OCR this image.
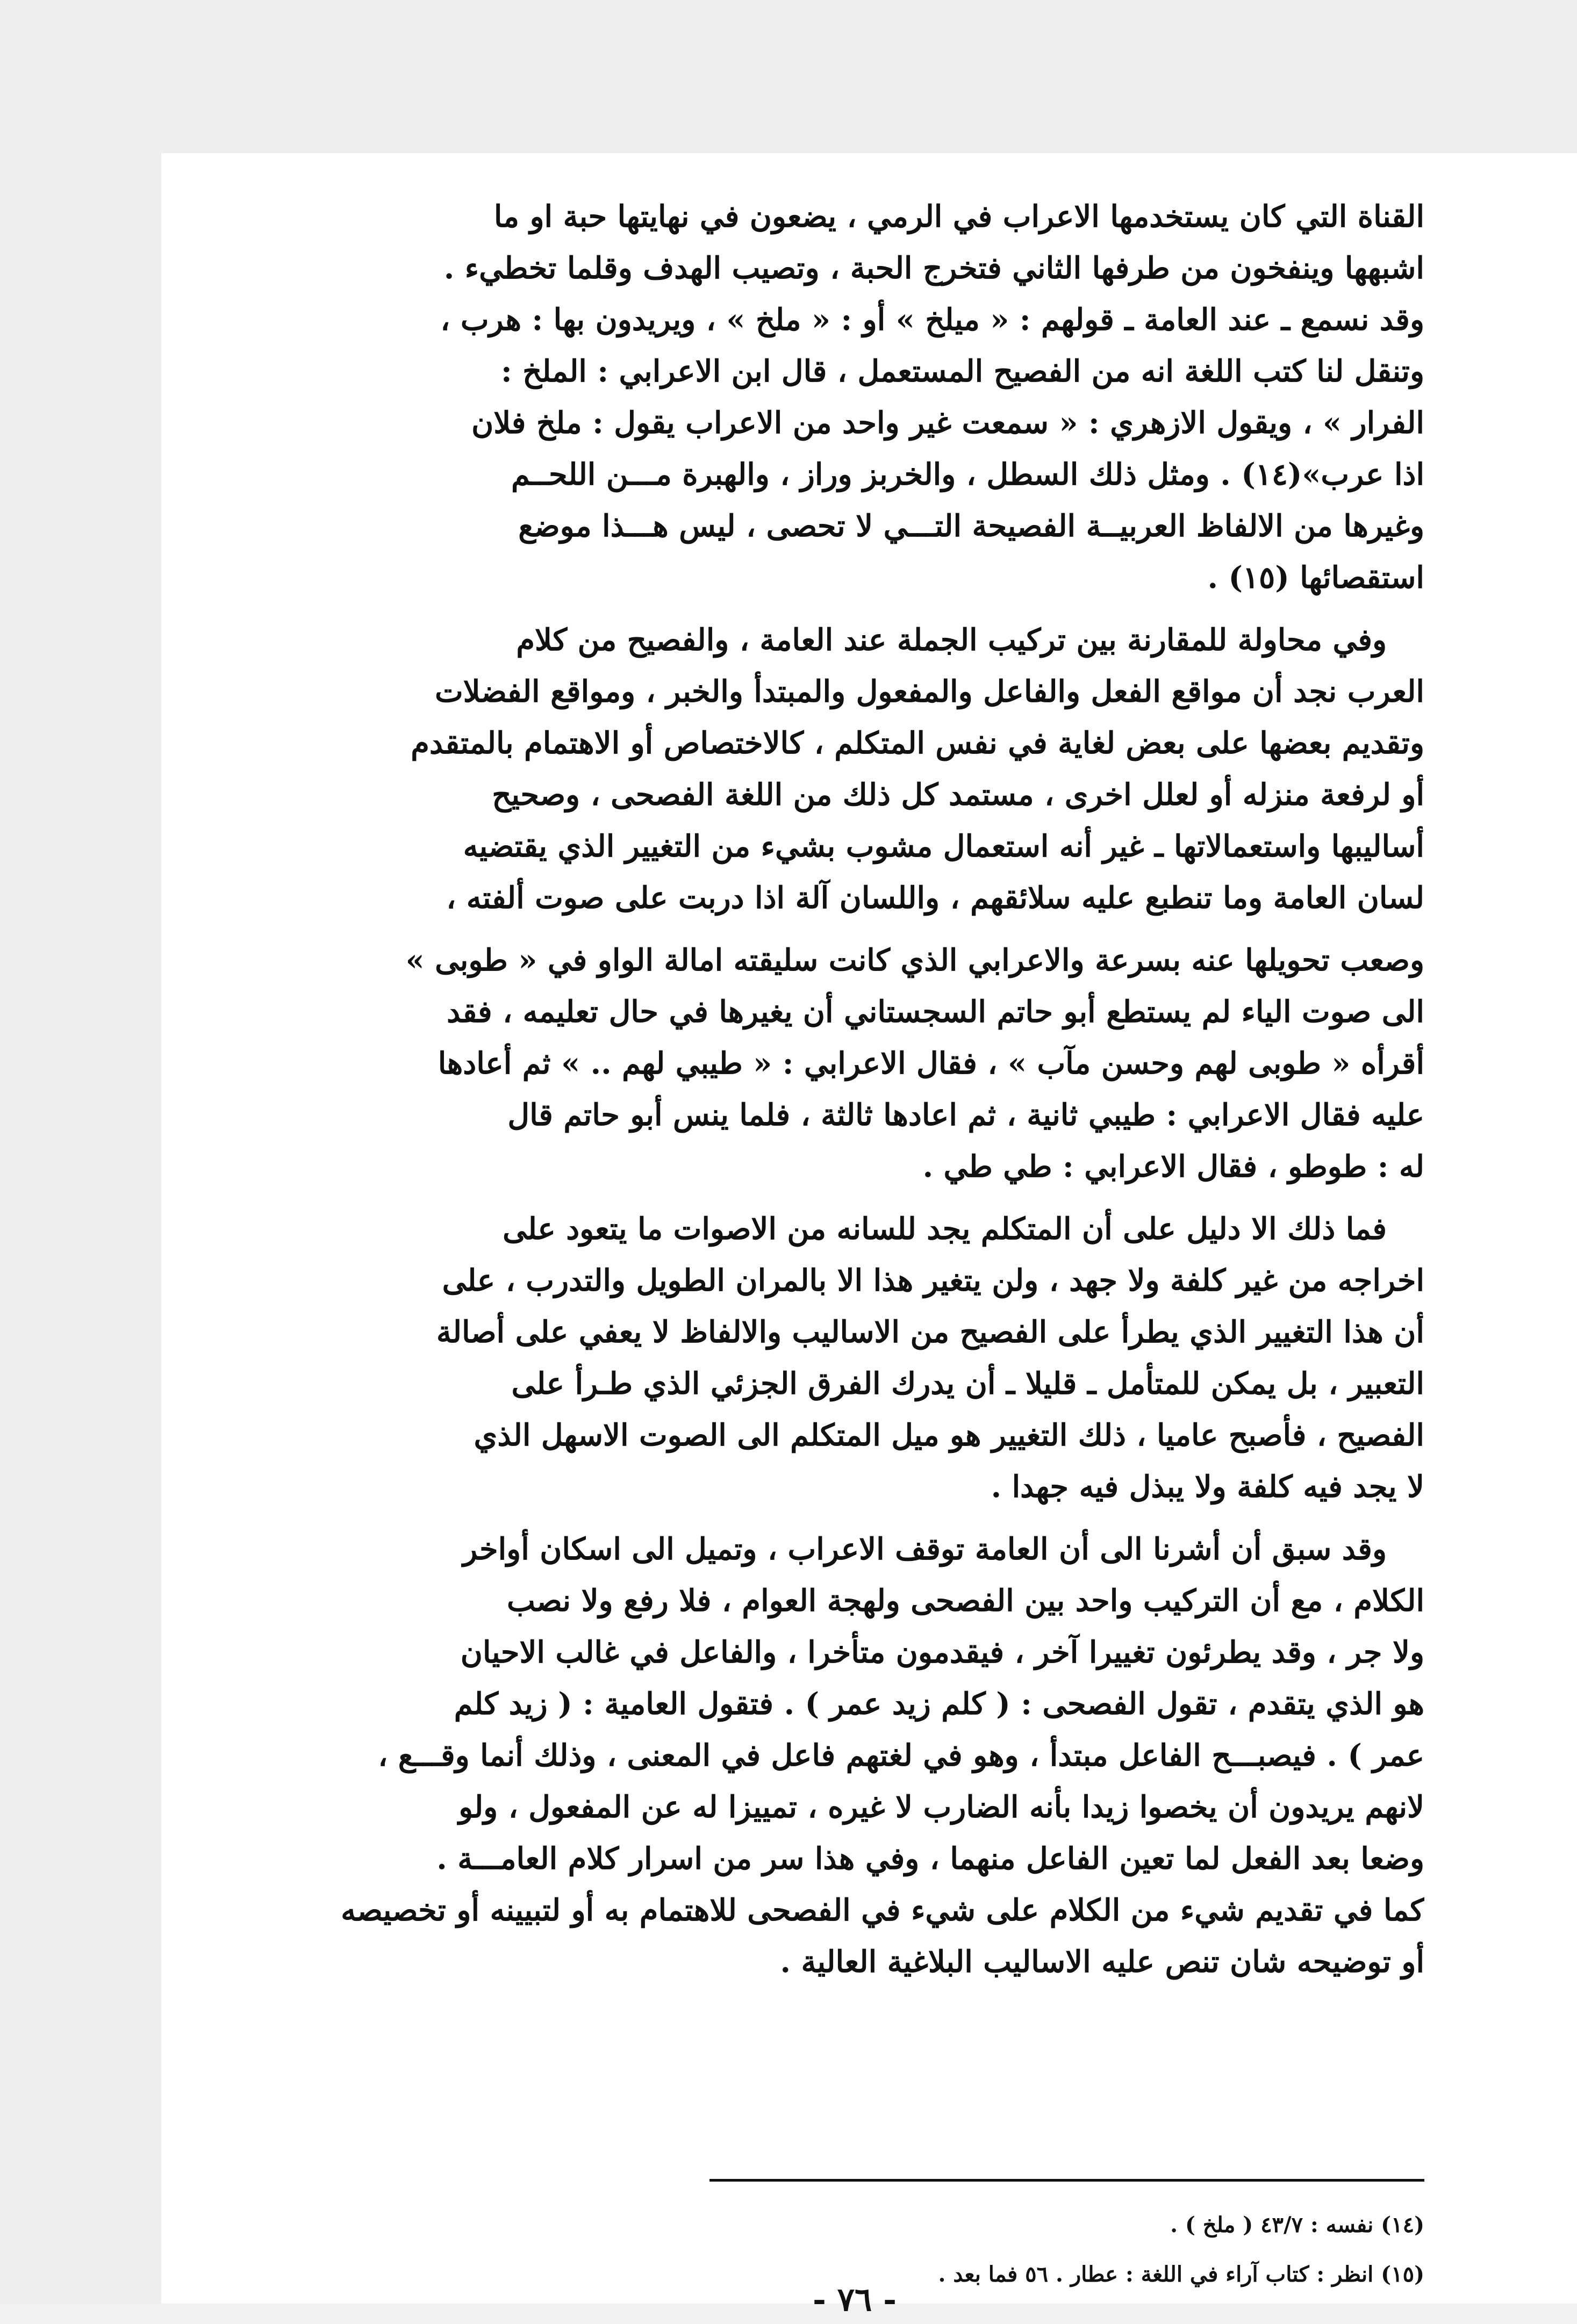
القناة التي كان يستخدمها الاعراب في الرمي ، يضعون في نهايتها حبة او ما
اشبهها وينفخون من طرفها الثاني فتخرج الحبة ، وتصيب الهدف وقلما تخطيء .
وقد نسمع ـ عند العامة ـ قولهم : « ميلخ » أو : « ملخ » ، ويريدون بها : هرب ،
وتنقل لنا كتب اللغة انه من الفصيح المستعمل ، قال ابن الاعرابي : الملخ :
الفرار » ، ويقول الازهري : « سمعت غير واحد من الاعراب يقول : ملخ فلان
اذا عرب»(١٤) . ومثل ذلك السطل ، والخربز وراز ، والهبرة مـــن اللحــم
وغيرها من الالفاظ العربيــة الفصيحة التـــي لا تحصى ، ليس هـــذا موضع
استقصائها (١٥) .
وفي محاولة للمقارنة بين تركيب الجملة عند العامة ، والفصيح من كلام
العرب نجد أن مواقع الفعل والفاعل والمفعول والمبتدأ والخبر ، ومواقع الفضلات
وتقديم بعضها على بعض لغاية في نفس المتكلم ، كالاختصاص أو الاهتمام بالمتقدم
أو لرفعة منزله أو لعلل اخرى ، مستمد كل ذلك من اللغة الفصحى ، وصحيح
أساليبها واستعمالاتها ـ غير أنه استعمال مشوب بشيء من التغيير الذي يقتضيه
لسان العامة وما تنطبع عليه سلائقهم ، واللسان آلة اذا دربت على صوت ألفته ،
وصعب تحويلها عنه بسرعة والاعرابي الذي كانت سليقته امالة الواو في « طوبى »
الى صوت الياء لم يستطع أبو حاتم السجستاني أن يغيرها في حال تعليمه ، فقد
أقرأه « طوبى لهم وحسن مآب » ، فقال الاعرابي : « طيبي لهم .. » ثم أعادها
عليه فقال الاعرابي : طيبي ثانية ، ثم اعادها ثالثة ، فلما ينس أبو حاتم قال
له : طوطو ، فقال الاعرابي : طي طي .
فما ذلك الا دليل على أن المتكلم يجد للسانه من الاصوات ما يتعود على
اخراجه من غير كلفة ولا جهد ، ولن يتغير هذا الا بالمران الطويل والتدرب ، على
أن هذا التغيير الذي يطرأ على الفصيح من الاساليب والالفاظ لا يعفي على أصالة
التعبير ، بل يمكن للمتأمل ـ قليلا ـ أن يدرك الفرق الجزئي الذي طـرأ على
الفصيح ، فأصبح عاميا ، ذلك التغيير هو ميل المتكلم الى الصوت الاسهل الذي
لا يجد فيه كلفة ولا يبذل فيه جهدا .
وقد سبق أن أشرنا الى أن العامة توقف الاعراب ، وتميل الى اسكان أواخر
الكلام ، مع أن التركيب واحد بين الفصحى ولهجة العوام ، فلا رفع ولا نصب
ولا جر ، وقد يطرئون تغييرا آخر ، فيقدمون متأخرا ، والفاعل في غالب الاحيان
هو الذي يتقدم ، تقول الفصحى : ( كلم زيد عمر ) . فتقول العامية : ( زيد كلم
عمر ) . فيصبـــح الفاعل مبتدأ ، وهو في لغتهم فاعل في المعنى ، وذلك أنما وقـــع ،
لانهم يريدون أن يخصوا زيدا بأنه الضارب لا غيره ، تمييزا له عن المفعول ، ولو
وضعا بعد الفعل لما تعين الفاعل منهما ، وفي هذا سر من اسرار كلام العامـــة .
كما في تقديم شيء من الكلام على شيء في الفصحى للاهتمام به أو لتبيينه أو تخصيصه
أو توضيحه شان تنص عليه الاساليب البلاغية العالية .
(١٤) نفسه : ٤٣/٧ ( ملخ ) .
(١٥) انظر : كتاب آراء في اللغة : عطار . ٥٦ فما بعد .
- ٧٦ -
